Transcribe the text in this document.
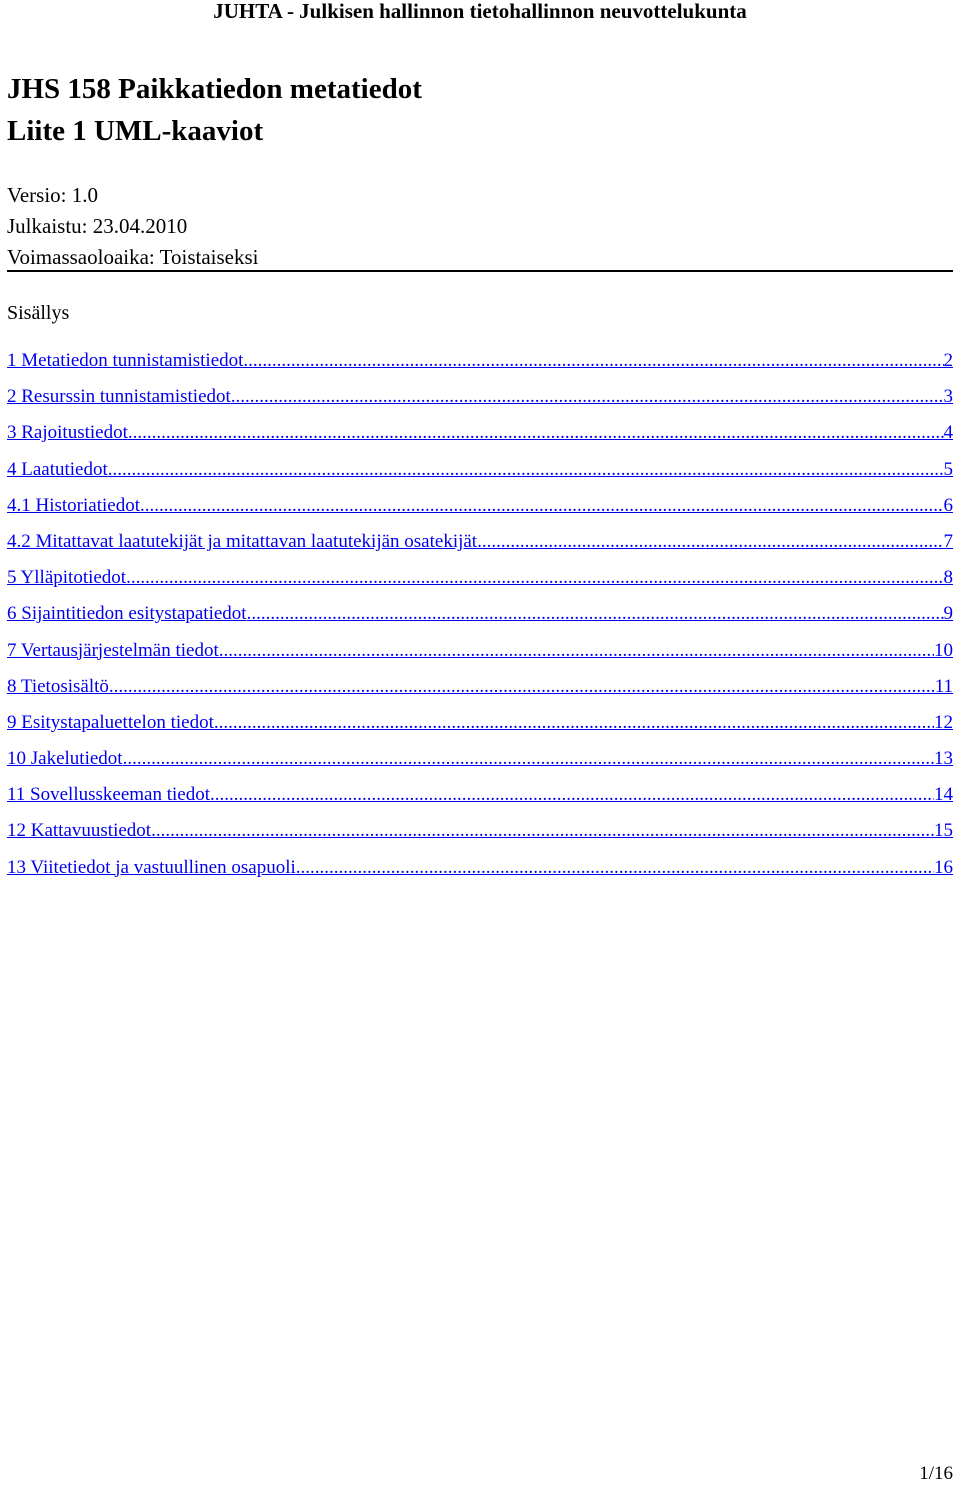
JUHTA - Julkisen hallinnon tietohallinnon neuvottelukunta
JHS 158 Paikkatiedon metatiedot
Liite 1 UML-kaaviot
Versio: 1.0
Julkaistu: 23.04.2010
Voimassaoloaika: Toistaiseksi
Sisällys
1 Metatiedon tunnistamistiedot .....	2
2 Resurssin tunnistamistiedot .....	3
3 Rajoitustiedot .....	4
4 Laatutiedot .....	5
4.1 Historiatiedot .....	6
4.2 Mitattavat laatutekijät ja mitattavan laatutekijän osatekijät .....	7
5 Ylläpitotiedot .....	8
6 Sijaintitiedon esitystapatiedot .....	9
7 Vertausjärjestelmän tiedot .....	10
8 Tietosisältö .....	11
9 Esitystapaluettelon tiedot .....	12
10 Jakelutiedot .....	13
11 Sovellusskeeman tiedot .....	14
12 Kattavuustiedot .....	15
13 Viitetiedot ja vastuullinen osapuoli .....	16
1/16
